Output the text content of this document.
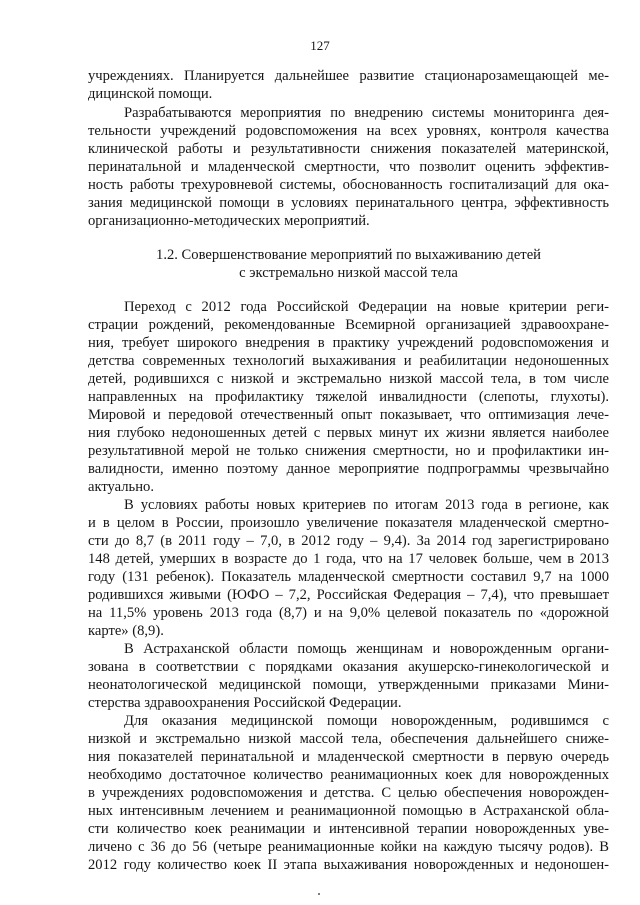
127
учреждениях. Планируется дальнейшее развитие стационарозамещающей ме-
дицинской помощи.
Разрабатываются мероприятия по внедрению системы мониторинга дея-
тельности учреждений родовспоможения на всех уровнях, контроля качества
клинической работы и результативности снижения показателей материнской,
перинатальной и младенческой смертности, что позволит оценить эффектив-
ность работы трехуровневой системы, обоснованность госпитализаций для ока-
зания медицинской помощи в условиях перинатального центра, эффективность
организационно-методических мероприятий.
1.2. Совершенствование мероприятий по выхаживанию детей
с экстремально низкой массой тела
Переход с 2012 года Российской Федерации на новые критерии реги-
страции рождений, рекомендованные Всемирной организацией здравоохране-
ния, требует широкого внедрения в практику учреждений родовспоможения и
детства современных технологий выхаживания и реабилитации недоношенных
детей, родившихся с низкой и экстремально низкой массой тела, в том числе
направленных на профилактику тяжелой инвалидности (слепоты, глухоты).
Мировой и передовой отечественный опыт показывает, что оптимизация лече-
ния глубоко недоношенных детей с первых минут их жизни является наиболее
результативной мерой не только снижения смертности, но и профилактики ин-
валидности, именно поэтому данное мероприятие подпрограммы чрезвычайно
актуально.
В условиях работы новых критериев по итогам 2013 года в регионе, как
и в целом в России, произошло увеличение показателя младенческой смертно-
сти до 8,7 (в 2011 году – 7,0, в 2012 году – 9,4). За 2014 год зарегистрировано
148 детей, умерших в возрасте до 1 года, что на 17 человек больше, чем в 2013
году (131 ребенок). Показатель младенческой смертности составил 9,7 на 1000
родившихся живыми (ЮФО – 7,2, Российская Федерация – 7,4), что превышает
на 11,5% уровень 2013 года (8,7) и на 9,0% целевой показатель по «дорожной
карте» (8,9).
В Астраханской области помощь женщинам и новорожденным органи-
зована в соответствии с порядками оказания акушерско-гинекологической и
неонатологической медицинской помощи, утвержденными приказами Мини-
стерства здравоохранения Российской Федерации.
Для оказания медицинской помощи новорожденным, родившимся с
низкой и экстремально низкой массой тела, обеспечения дальнейшего сниже-
ния показателей перинатальной и младенческой смертности в первую очередь
необходимо достаточное количество реанимационных коек для новорожденных
в учреждениях родовспоможения и детства. С целью обеспечения новорожден-
ных интенсивным лечением и реанимационной помощью в Астраханской обла-
сти количество коек реанимации и интенсивной терапии новорожденных уве-
личено с 36 до 56 (четыре реанимационные койки на каждую тысячу родов). В
2012 году количество коек II этапа выхаживания новорожденных и недоношен-
